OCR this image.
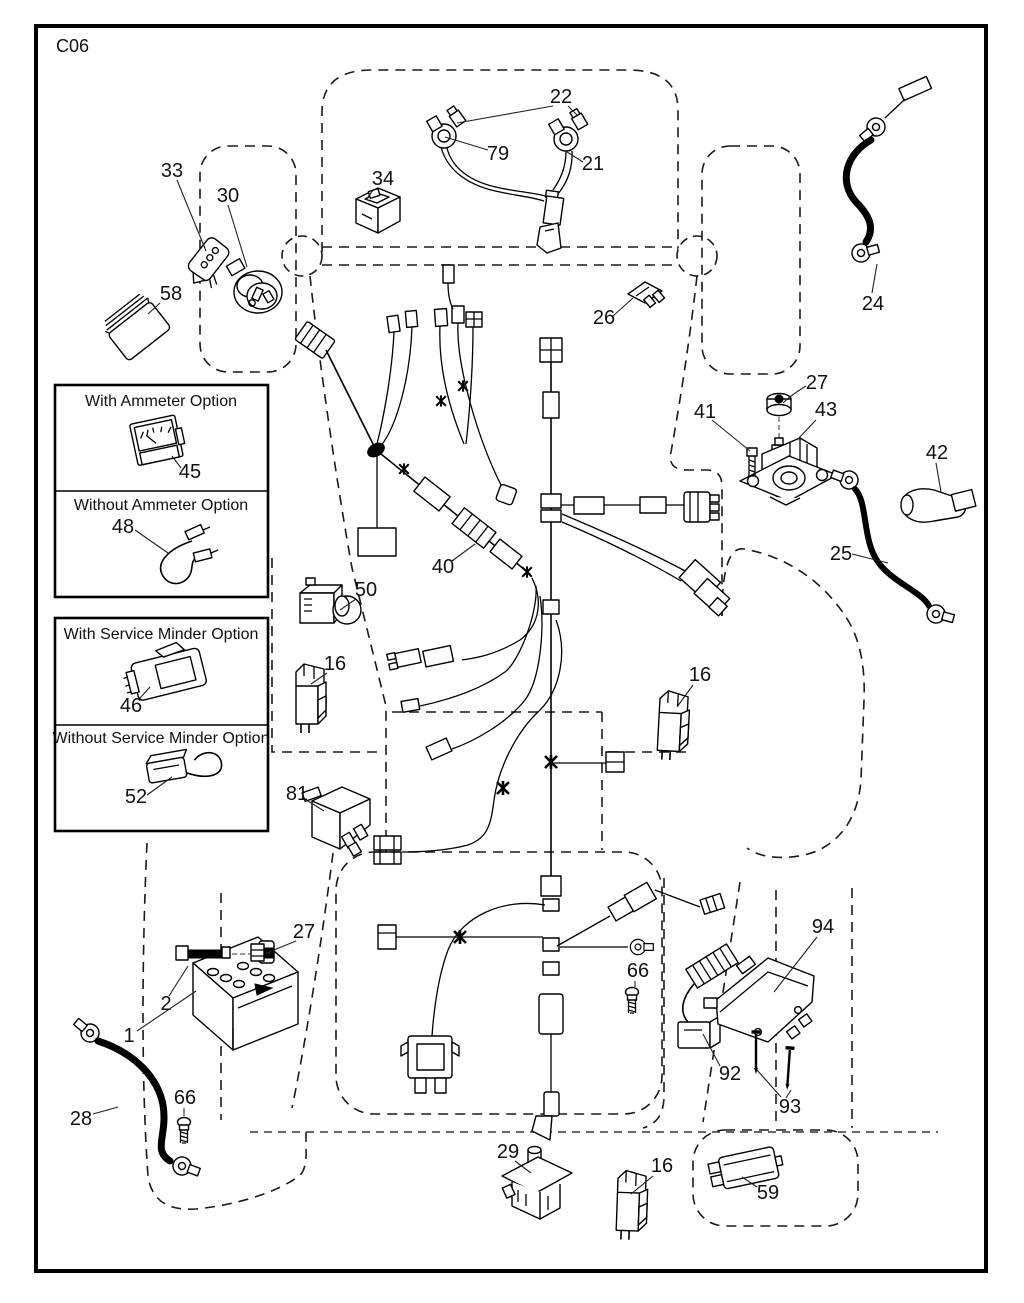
C06
With Ammeter Option
Without Ammeter Option
45
48
With Service Minder Option
Without Service Minder Option
46
52
22
79	21
34
33
30
58
26
24
27
41	43
25
42
40
50
16	16
16
81
27
2
1
28
66
66
92
94
93
29
59
